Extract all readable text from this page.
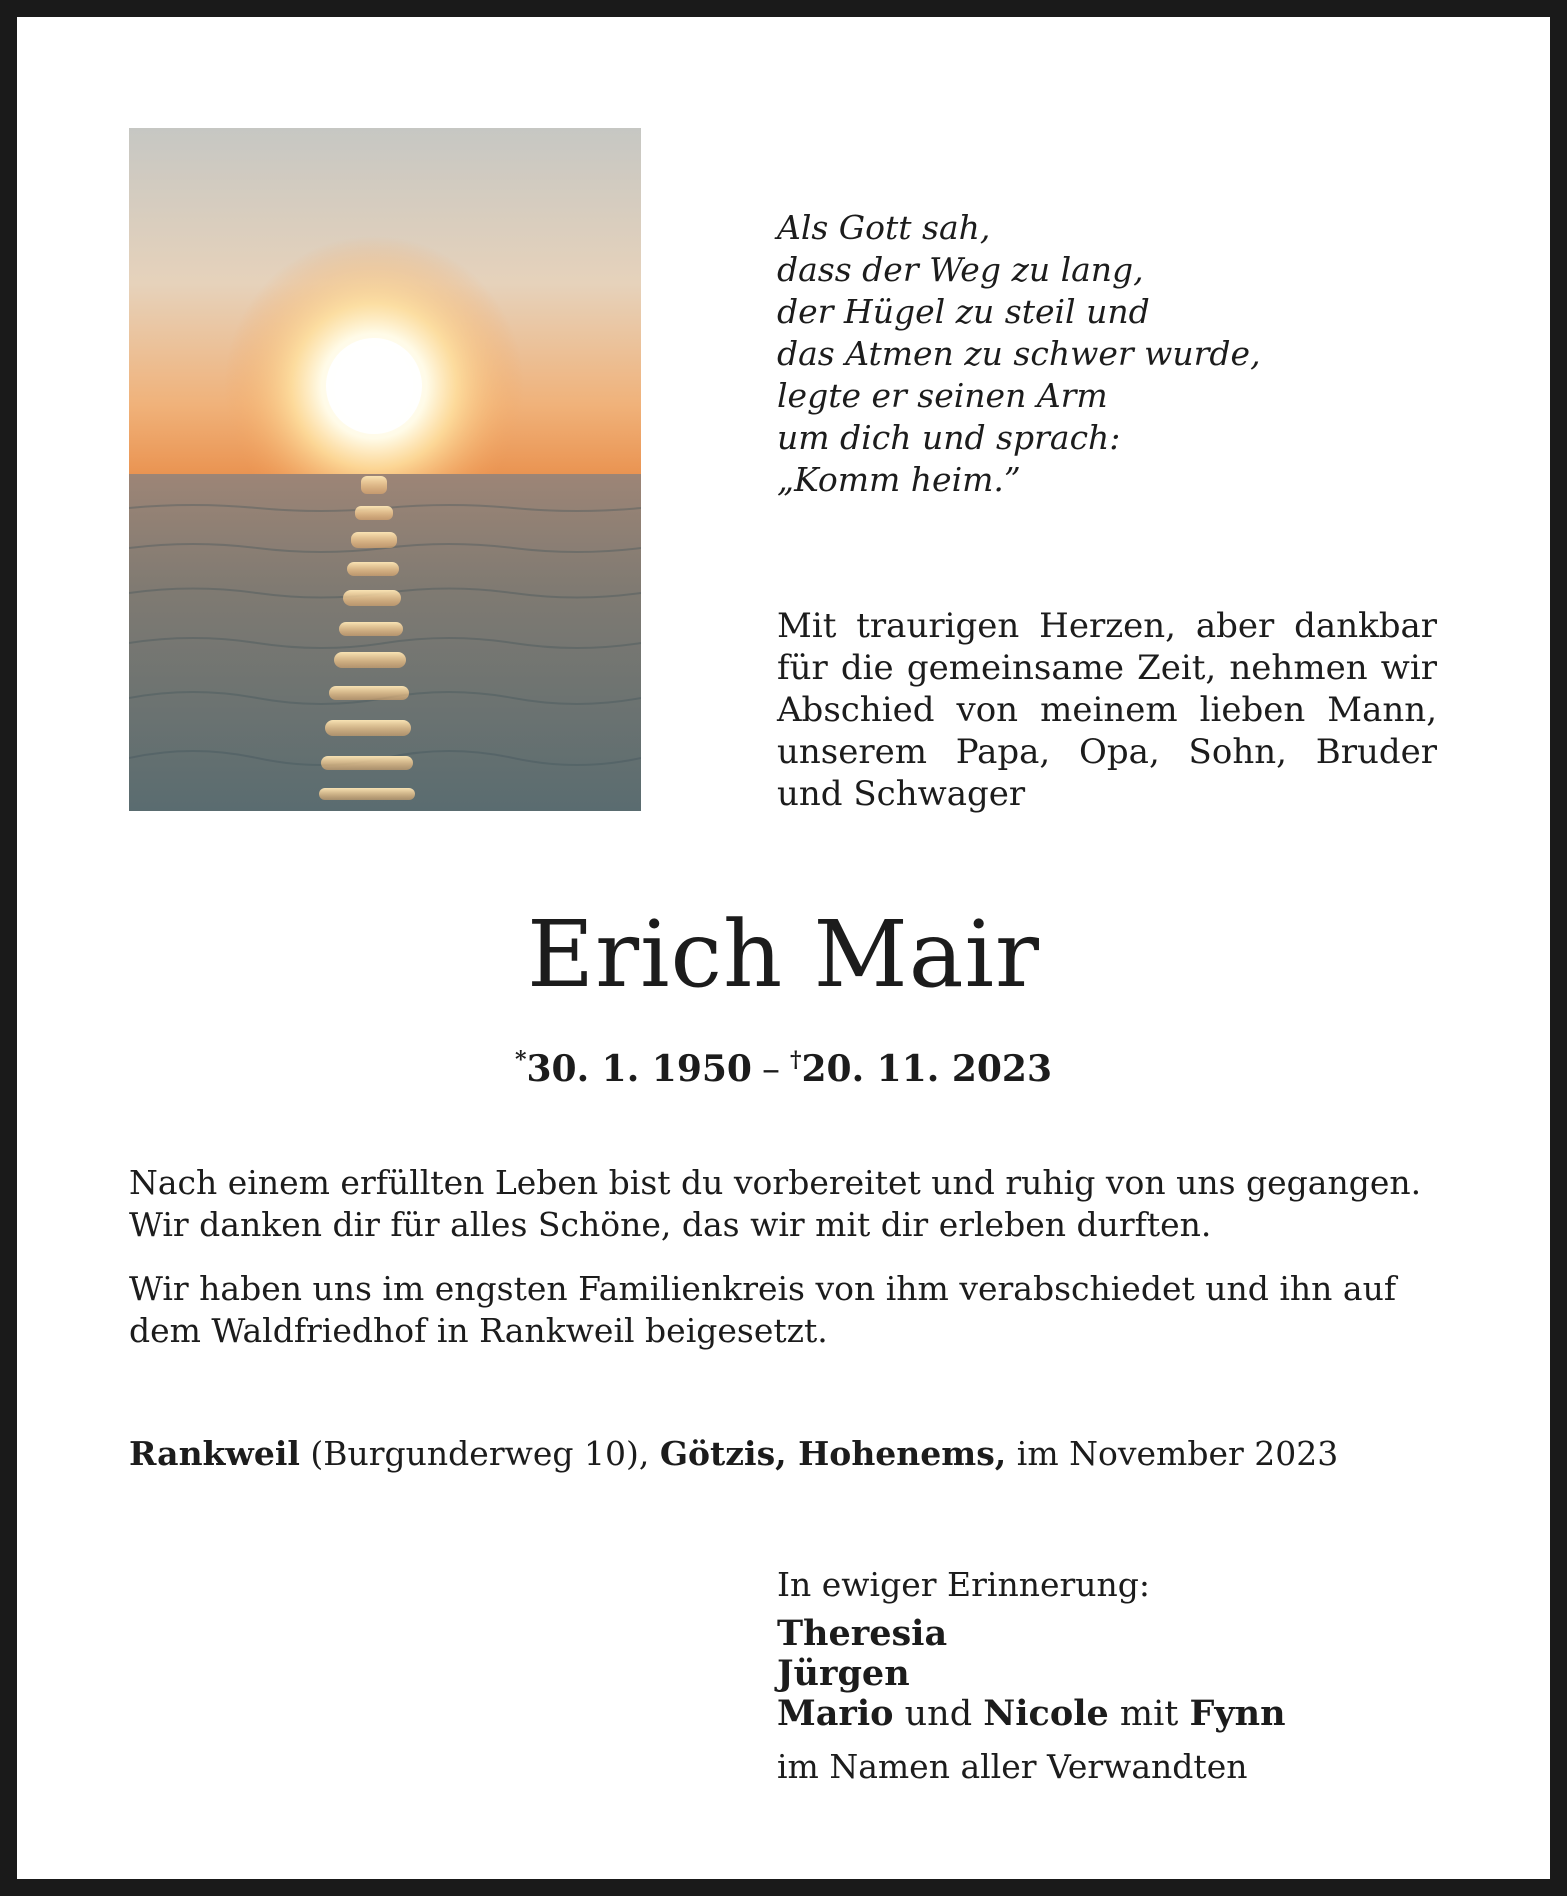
Als Gott sah,
dass der Weg zu lang,
der Hügel zu steil und
das Atmen zu schwer wurde,
legte er seinen Arm
um dich und sprach:
„Komm heim.”
Mit traurigen Herzen, aber dankbar für die gemeinsame Zeit, nehmen wir Abschied von meinem lieben Mann, unserem Papa, Opa, Sohn, Bruder und Schwager
Erich Mair
*30. 1. 1950 – †20. 11. 2023
Nach einem erfüllten Leben bist du vorbereitet und ruhig von uns gegangen.
Wir danken dir für alles Schöne, das wir mit dir erleben durften.
Wir haben uns im engsten Familienkreis von ihm verabschiedet und ihn auf
dem Waldfriedhof in Rankweil beigesetzt.
Rankweil (Burgunderweg 10), Götzis, Hohenems, im November 2023
In ewiger Erinnerung:
Theresia
Jürgen
Mario und Nicole mit Fynn
im Namen aller Verwandten
